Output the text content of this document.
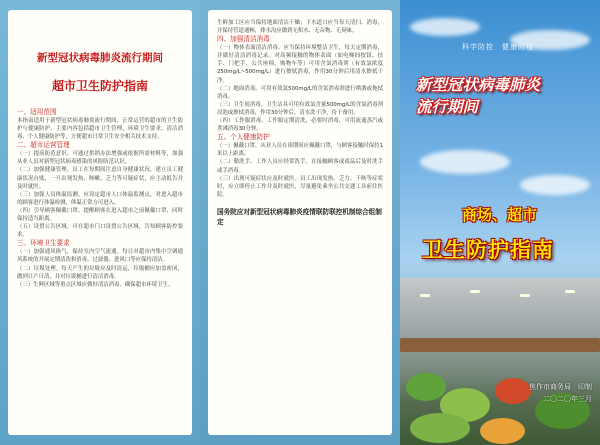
新型冠状病毒肺炎流行期间
超市卫生防护指南
一、适用范围
本指南适用于新型冠状病毒肺炎流行期间，正常运营的超市的卫生防护与健康防护，主要内容包括超市卫生管理、环境卫生要求、清洁消毒、个人健康防护等，方便超市日常卫生安全相关技术支持。
二、超市运营管理
（一）提高防范意识。可通过供销办法增强或依据所需材料等，加强从业人员对新型冠状病毒感染的风险防范认识。
（二）加强健康管理。员工在每期间注意自身健康状况，建立员工健康状况台账，一旦出现发热、咳嗽、乏力等可疑症状，应主动报告并及时就医。
（三）加强人员体温监测。应设定超市人口体温监测点，对进入超市的顾客进行体温检测，体温正常方可进入。
（四）引导顾客佩戴口罩。提醒顾客在进入超市之前佩戴口罩，同时保持适当距离。
（五）设置公告区域。可在超市门口设置公告区域，告知顾客防控要求。
三、环境卫生要求
（一）加强通风换气，保持室内空气流通。每日对超市内集中空调通风系统的开展定期清洗和消毒，过滤器、进风口等应保持清洁。
（二）垃圾处理。每天产生的垃圾应及时清运，垃圾桶应加盖密闭，做到日产日清，并对垃圾桶进行清洁消毒。
（三）生鲜区域等重点区域应做好清洁消毒，确保超市环境卫生。
生鲜加工区应当保持地面清洁干燥；下水道口应当每天清扫、消毒，并保持管道通畅，排水沟应做到无积水、无杂物、无臭味。
四、加强清洁消毒
（一）物体表面清洁消毒。应当保持环境整洁卫生，每天定期消毒，并做好清洁消毒记录。对高频接触的物体表面（如电梯间按钮、扶手、门把手、公共座椅、购物车等）可用含氯消毒剂（有效氯浓度250mg/L~500mg/L）进行擦拭消毒，作用30分钟后用清水擦拭干净。
（二）地面消毒。可用有效氯500mg/L的含氯消毒剂进行喷洒或拖拭消毒。
（三）卫生间消毒。卫生洁具可用有效氯含量500mg/L的含氯消毒剂浸泡或擦拭消毒，作用30分钟后，清水洗干净，待干备用。
（四）工作服消毒。工作服定期清洗，必要时消毒，可用流通蒸汽或煮沸消毒30分钟。
五、个人健康防护
（一）佩戴口罩。从业人员在岗期间应佩戴口罩，与顾客接触时保持1米以上距离。
（二）勤洗手。工作人员应经常洗手，在接触顾客或商品后及时洗手或手消毒。
（三）出现可疑症状应及时就医。员工出现发热、乏力、干咳等症状时，应立即停止工作并及时就医，尽量避免乘坐公共交通工具前往医院。
国务院应对新型冠状病毒肺炎疫情联防联控机制综合组制定
科学防控　健康防疫
新型冠状病毒肺炎
流行期间
商场、超市
卫生防护指南
焦作市商务局　印制
二〇二〇年三月
